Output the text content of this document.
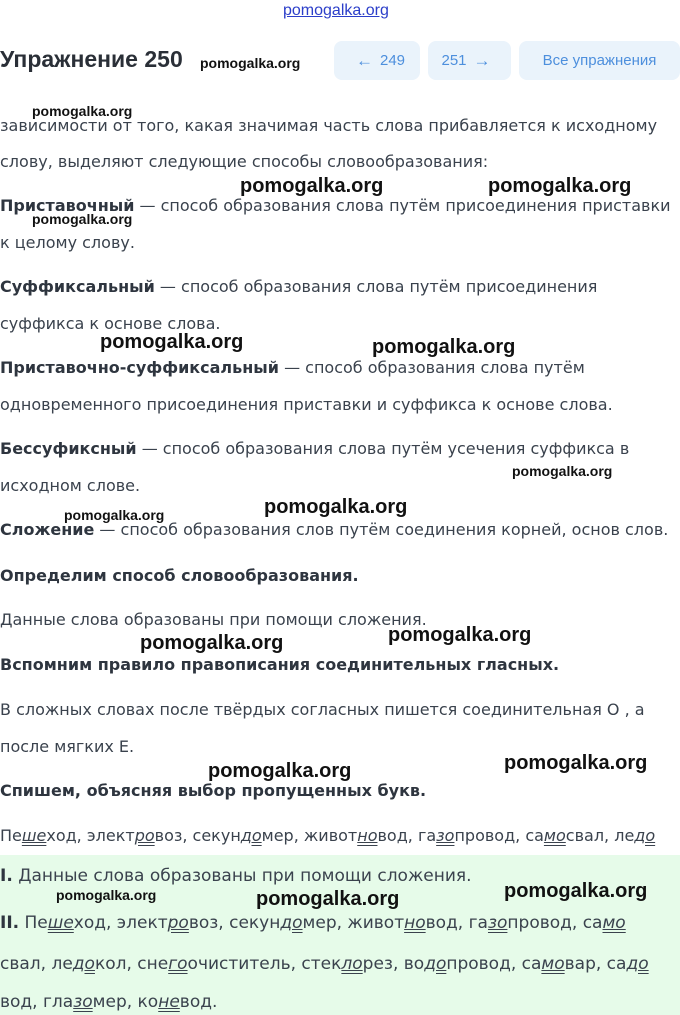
pomogalka.org
Упражнение 250 pomogalka.org	← 249 251 →	Все упражнения
зависимости от того, какая значимая часть слова прибавляется к исходному
слову, выделяют следующие способы словообразования:
Приставочный — способ образования слова путём присоединения приставки
к целому слову.
Суффиксальный — способ образования слова путём присоединения
суффикса к основе слова.
Приставочно-суффиксальный — способ образования слова путём
одновременного присоединения приставки и суффикса к основе слова.
Бессуфиксный — способ образования слова путём усечения суффикса в
исходном слове.
Сложение — способ образования слов путём соединения корней, основ слов.
Определим способ словообразования.
Данные слова образованы при помощи сложения.
Вспомним правило правописания соединительных гласных.
В сложных словах после твёрдых согласных пишется соединительная О , а
после мягких Е.
Спишем, объясняя выбор пропущенных букв.
Пешеход, электровоз, секундомер, животновод, газопровод, самосвал, ледо
I. Данные слова образованы при помощи сложения.
II. Пешеход, электровоз, секундомер, животновод, газопровод, само
свал, ледокол, снегоочиститель, стеклорез, водопровод, самовар, садо
вод, глазомер, коневод.
pomogalka.org
pomogalka.org	pomogalka.org
pomogalka.org
pomogalka.org	pomogalka.org
pomogalka.org
pomogalka.org	pomogalka.org
pomogalka.org	pomogalka.org
pomogalka.org	pomogalka.org
pomogalka.org	pomogalka.org	pomogalka.org
